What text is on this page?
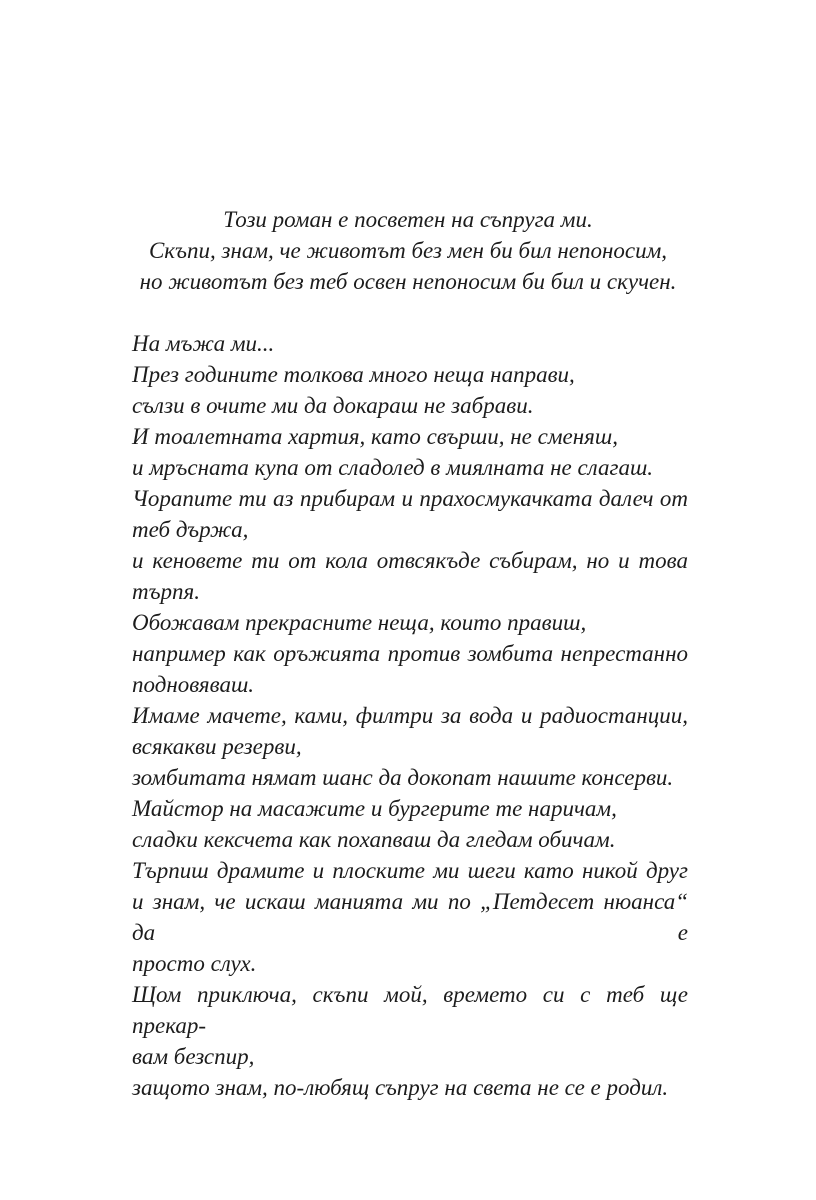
Този роман е посветен на съпруга ми.
Скъпи, знам, че животът без мен би бил непоносим,
но животът без теб освен непоносим би бил и скучен.
На мъжа ми...
През годините толкова много неща направи,
сълзи в очите ми да докараш не забрави.
И тоалетната хартия, като свърши, не сменяш,
и мръсната купа от сладолед в миялната не слагаш.
Чорапите ти аз прибирам и прахосмукачката далеч от
теб държа,
и кеновете ти от кола отвсякъде събирам, но и това
търпя.
Обожавам прекрасните неща, които правиш,
например как оръжията против зомбита непрестанно
подновяваш.
Имаме мачете, ками, филтри за вода и радиостанции,
всякакви резерви,
зомбитата нямат шанс да докопат нашите консерви.
Майстор на масажите и бургерите те наричам,
сладки кексчета как похапваш да гледам обичам.
Търпиш драмите и плоските ми шеги като никой друг
и знам, че искаш манията ми по „Петдесет нюанса“ да е
просто слух.
Щом приключа, скъпи мой, времето си с теб ще прекар-
вам безспир,
защото знам, по-любящ съпруг на света не се е родил.
